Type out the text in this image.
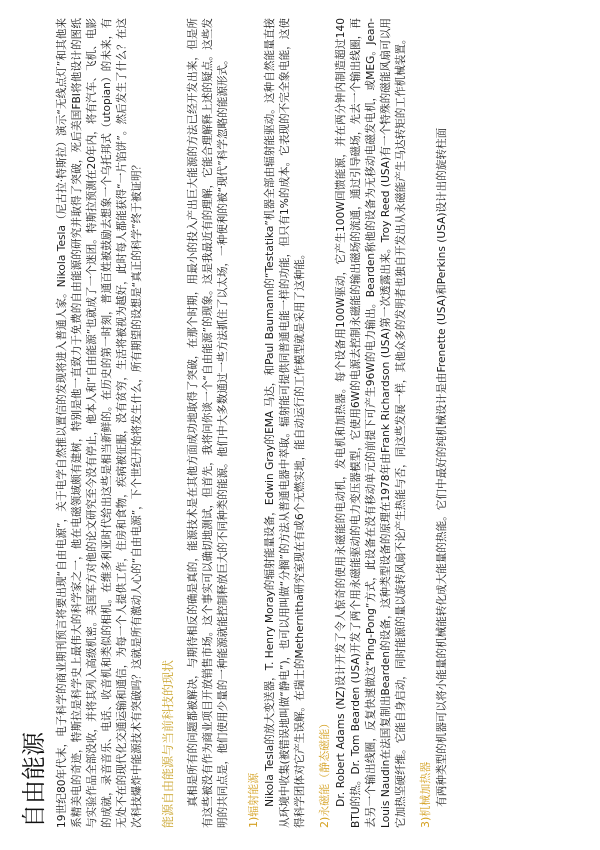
自由能源 19世纪80年代末，电子科学的商业期刊预言将要出现“自由电源”，关于电学自然推以置信的发现将进入普通人家。Nikola Tesla（尼古拉·特斯拉）演示“无线点灯”和其他来系精美电的奇迹，特斯拉是科学史上最伟大的科学家之一，他在电磁领域颇有建树，特别是他一直致力于免费的自由能源的研究并取得了突破，死后美国FBI将他设计的图纸与实验作品全部没收，并将其列入高级机密。美国军方对他的论文研究至今没有停止，他本人和“自由能源”也就成了一个迷团。特斯拉预测在20年内，将有汽车、飞机、电影的成就，录音音乐、电话、收音机和类似的相机。在维多利亚时代给出这些是相当新鲜的。在历史的第一时刻，普通百姓被鼓励去想象一个乌托邦式（utopian）的未来，有无处不在的现代化交通运输和通信，为每一个人提供工作，住房和食物，疾病被征服，没有贫穷，生活将被视为越好，此时每人都能获得“一片馅饼”。然后发生了什么？在这次科技爆炸中能源技术有突破吗？这就是所有激动人心的“自由电源”，下个世纪开始将发生什么，所有期望的设想是“真正的科学”终于被证明？ 能源自由能源与当前科技的现状 真相是所有的问题都被解决，与期待相反的确是真的，能源技术是在其他方面成功地取得了突破，在那个时期，用最小的投入产出巨大能源的方法已经开发出来，但是所有这些被没有作为商业项目开放销售市场。这个事实可以确切地测试，但首先，我将问你谈一个“自由能源”的现象。这是我最近有的理解，它能合理解释上述的疑点。这些发明的共同点是，他们使用少量的一种能源就能控制释放巨大的不同种类的能源。他们中大多数通过一些方法抓住了以太场，一种便利的被“现代”科学忽略的能源形式。 1)辐射能源 Nikola Tesla的放大变送器，T. Henry Moray的辐射能量设备，Edwin Gray的EMA 马达，和Paul Baumann的“Testatika”机器全部由辐射能驱动。这种自然能量直接从环境中收集(被错误地叫做“静电”)，也可以用叫做“分搁”的方法从普通电器中萃取。辐射能可提供同普通电能一样的功能，但只有1%的成本。它表现的不完全象电能，这使得科学团体对它产生误解。在瑞士的Methernitha研究室现在有或6个无燃实地，能自动运行的工作模型就是采用了这种能。 2)永磁能（静态磁能） Dr. Robert Adams (NZ)设计开发了令人惊奇的使用永磁能的电动机，发电机和加热器。每个设备用100W驱动，它产生100W回馈能源，并在两分钟内制造超过140 BTU的热。Dr. Tom Bearden (USA)开发了两个用永磁能驱动的电力变压器模型，它使用6W的电源去控制永磁能的输出磁场的流通，通过引导磁场，先去一个输出线圈，再去另一个输出线圈，反复快速做这“Ping-Pong”方式，此设备在没有移动单元的前提下可产生96W的电力输出。Bearden称他的设备为无移动电磁发电机，或MEG。Jean-Louis Naudin在法国复制出Bearden的设备，这种类型设备的原理在1978年由Frank Richardson (USA)第一次透露出来。Troy Reed (USA)有一个特殊的磁能风扇可以用它加热坚硬纤维。它能自身启动，同时能源的量以旋转风扇不论产生热能与否，同这些发展一样，其他众多的发明者也独自开发出从永磁能产生马达转矩的工作机械装置。 3)机械加热器 有两种类型的机器可以将小能量的机械能转化成大能量的热能。它们中最好的纯机械设计是由Frenette (USA)和Perkins (USA)设计出的旋转柱面
